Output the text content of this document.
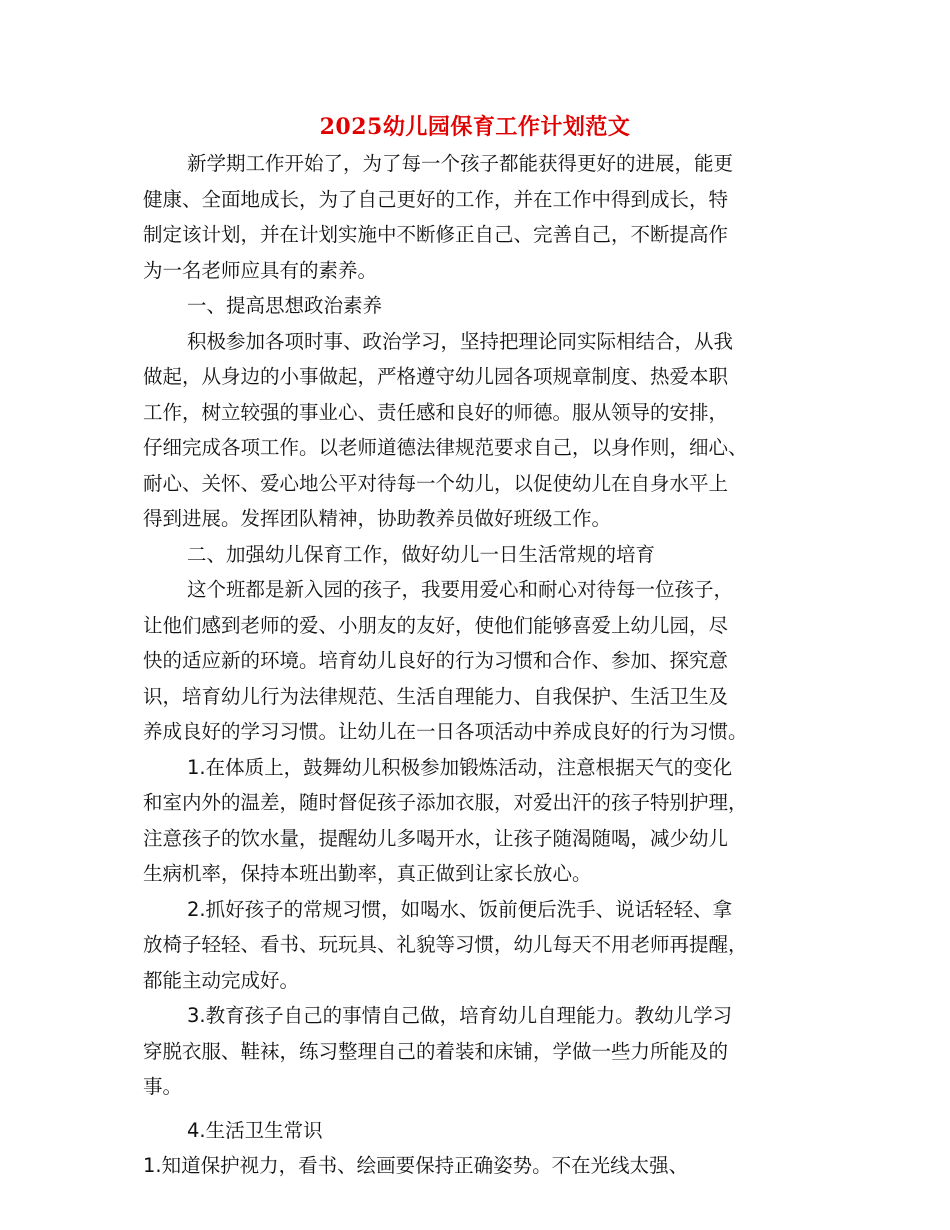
2025幼儿园保育工作计划范文
新学期工作开始了，为了每一个孩子都能获得更好的进展，能更
健康、全面地成长，为了自己更好的工作，并在工作中得到成长，特
制定该计划，并在计划实施中不断修正自己、完善自己，不断提高作
为一名老师应具有的素养。
一、提高思想政治素养
积极参加各项时事、政治学习，坚持把理论同实际相结合，从我
做起，从身边的小事做起，严格遵守幼儿园各项规章制度、热爱本职
工作，树立较强的事业心、责任感和良好的师德。服从领导的安排，
仔细完成各项工作。以老师道德法律规范要求自己，以身作则，细心、
耐心、关怀、爱心地公平对待每一个幼儿，以促使幼儿在自身水平上
得到进展。发挥团队精神，协助教养员做好班级工作。
二、加强幼儿保育工作，做好幼儿一日生活常规的培育
这个班都是新入园的孩子，我要用爱心和耐心对待每一位孩子，
让他们感到老师的爱、小朋友的友好，使他们能够喜爱上幼儿园，尽
快的适应新的环境。培育幼儿良好的行为习惯和合作、参加、探究意
识，培育幼儿行为法律规范、生活自理能力、自我保护、生活卫生及
养成良好的学习习惯。让幼儿在一日各项活动中养成良好的行为习惯。
1.在体质上，鼓舞幼儿积极参加锻炼活动，注意根据天气的变化
和室内外的温差，随时督促孩子添加衣服，对爱出汗的孩子特别护理，
注意孩子的饮水量，提醒幼儿多喝开水，让孩子随渴随喝，减少幼儿
生病机率，保持本班出勤率，真正做到让家长放心。
2.抓好孩子的常规习惯，如喝水、饭前便后洗手、说话轻轻、拿
放椅子轻轻、看书、玩玩具、礼貌等习惯，幼儿每天不用老师再提醒，
都能主动完成好。
3.教育孩子自己的事情自己做，培育幼儿自理能力。教幼儿学习
穿脱衣服、鞋袜，练习整理自己的着装和床铺，学做一些力所能及的
事。
4.生活卫生常识
1.知道保护视力，看书、绘画要保持正确姿势。不在光线太强、
